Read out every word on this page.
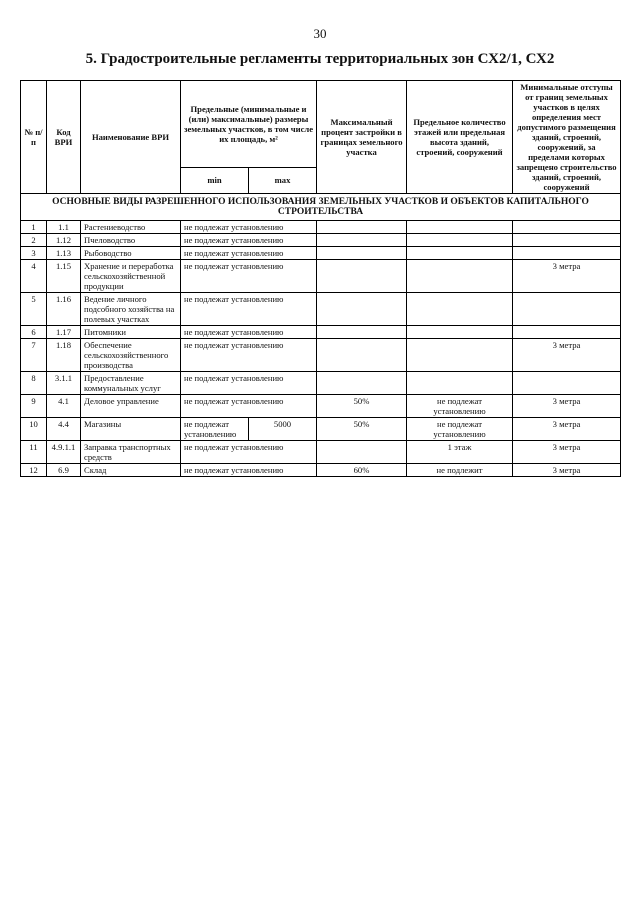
30
5. Градостроительные регламенты территориальных зон СХ2/1, СХ2
№ п/п	Код ВРИ	Наименование ВРИ	Предельные (минимальные и (или) максимальные) размеры земельных участков, в том числе их площадь, м²		Максимальный процент застройки в границах земельного участка	Предельное количество этажей или предельная высота зданий, строений, сооружений	Минимальные отступы от границ земельных участков в целях определения мест допустимого размещения зданий, строений, сооружений, за пределами которых запрещено строительство зданий, строений, сооружений
			min	max			
ОСНОВНЫЕ ВИДЫ РАЗРЕШЕННОГО ИСПОЛЬЗОВАНИЯ ЗЕМЕЛЬНЫХ УЧАСТКОВ И ОБЪЕКТОВ КАПИТАЛЬНОГО СТРОИТЕЛЬСТВА							
1	1.1	Растениеводство	не подлежат установлению				
2	1.12	Пчеловодство	не подлежат установлению				
3	1.13	Рыбоводство	не подлежат установлению				
4	1.15	Хранение и переработка сельскохозяйственной продукции	не подлежат установлению				3 метра
5	1.16	Ведение личного подсобного хозяйства на полевых участках	не подлежат установлению				
6	1.17	Питомники	не подлежат установлению				
7	1.18	Обеспечение сельскохозяйственного производства	не подлежат установлению				3 метра
8	3.1.1	Предоставление коммунальных услуг	не подлежат установлению				
9	4.1	Деловое управление	не подлежат установлению		50%	не подлежат установлению	3 метра
10	4.4	Магазины	не подлежат установлению	5000	50%	не подлежат установлению	3 метра
11	4.9.1.1	Заправка транспортных средств	не подлежат установлению			1 этаж	3 метра
12	6.9	Склад	не подлежат установлению		60%	не подлежит	3 метра
